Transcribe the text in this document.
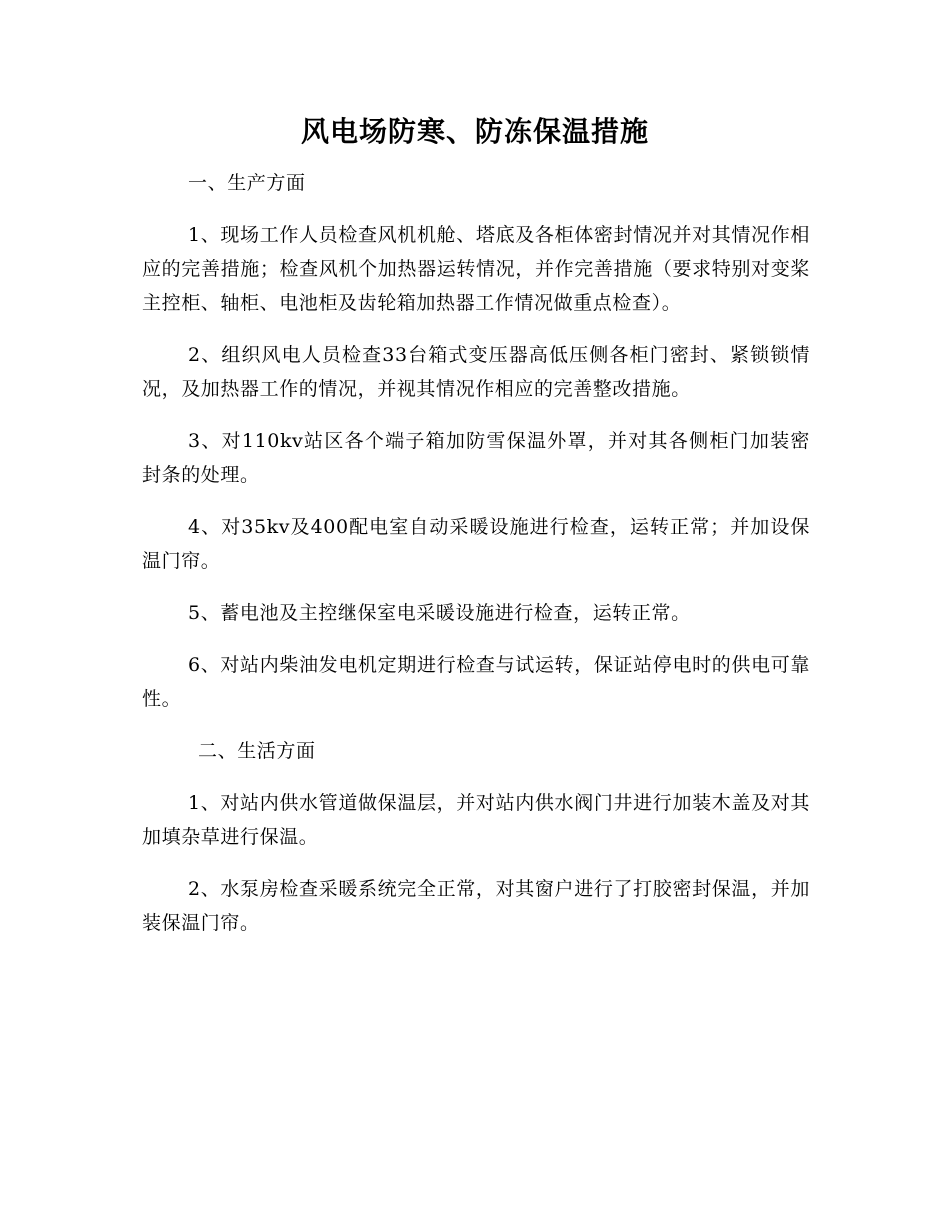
风电场防寒、防冻保温措施

一、生产方面

1、现场工作人员检查风机机舱、塔底及各柜体密封情况并对其情况作相应的完善措施；检查风机个加热器运转情况，并作完善措施（要求特别对变桨主控柜、轴柜、电池柜及齿轮箱加热器工作情况做重点检查）。

2、组织风电人员检查33台箱式变压器高低压侧各柜门密封、紧锁锁情况，及加热器工作的情况，并视其情况作相应的完善整改措施。

3、对110kv站区各个端子箱加防雪保温外罩，并对其各侧柜门加装密封条的处理。

4、对35kv及400配电室自动采暖设施进行检查，运转正常；并加设保温门帘。

5、蓄电池及主控继保室电采暖设施进行检查，运转正常。

6、对站内柴油发电机定期进行检查与试运转，保证站停电时的供电可靠性。

二、生活方面

1、对站内供水管道做保温层，并对站内供水阀门井进行加装木盖及对其加填杂草进行保温。

2、水泵房检查采暖系统完全正常，对其窗户进行了打胶密封保温，并加装保温门帘。
